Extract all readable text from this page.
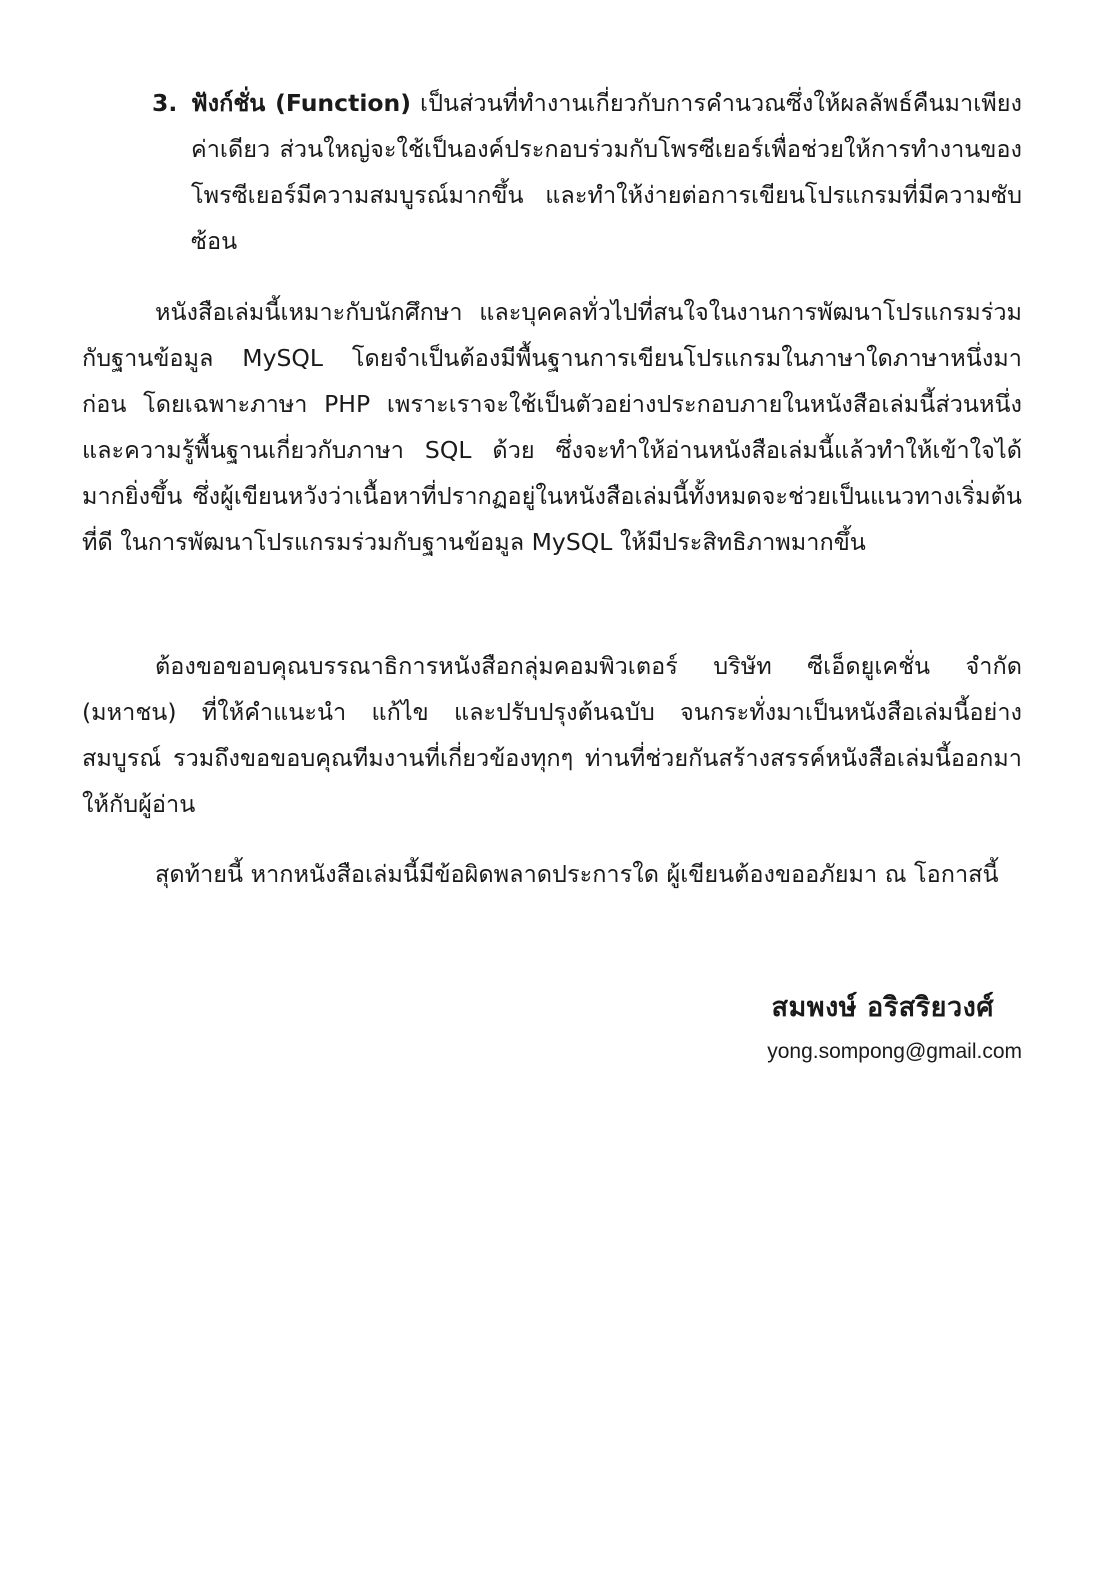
3. ฟังก์ชั่น (Function) เป็นส่วนที่ทำงานเกี่ยวกับการคำนวณซึ่งให้ผลลัพธ์คืนมาเพียงค่าเดียว ส่วนใหญ่จะใช้เป็นองค์ประกอบร่วมกับโพรซีเยอร์เพื่อช่วยให้การทำงานของโพรซีเยอร์มีความสมบูรณ์มากขึ้น และทำให้ง่ายต่อการเขียนโปรแกรมที่มีความซับซ้อน

หนังสือเล่มนี้เหมาะกับนักศึกษา และบุคคลทั่วไปที่สนใจในงานการพัฒนาโปรแกรมร่วมกับฐานข้อมูล MySQL โดยจำเป็นต้องมีพื้นฐานการเขียนโปรแกรมในภาษาใดภาษาหนึ่งมาก่อน โดยเฉพาะภาษา PHP เพราะเราจะใช้เป็นตัวอย่างประกอบภายในหนังสือเล่มนี้ส่วนหนึ่ง และความรู้พื้นฐานเกี่ยวกับภาษา SQL ด้วย ซึ่งจะทำให้อ่านหนังสือเล่มนี้แล้วทำให้เข้าใจได้มากยิ่งขึ้น ซึ่งผู้เขียนหวังว่าเนื้อหาที่ปรากฏอยู่ในหนังสือเล่มนี้ทั้งหมดจะช่วยเป็นแนวทางเริ่มต้นที่ดี ในการพัฒนาโปรแกรมร่วมกับฐานข้อมูล MySQL ให้มีประสิทธิภาพมากขึ้น

ต้องขอขอบคุณบรรณาธิการหนังสือกลุ่มคอมพิวเตอร์ บริษัท ซีเอ็ดยูเคชั่น จำกัด (มหาชน) ที่ให้คำแนะนำ แก้ไข และปรับปรุงต้นฉบับ จนกระทั่งมาเป็นหนังสือเล่มนี้อย่างสมบูรณ์ รวมถึงขอขอบคุณทีมงานที่เกี่ยวข้องทุกๆ ท่านที่ช่วยกันสร้างสรรค์หนังสือเล่มนี้ออกมาให้กับผู้อ่าน

สุดท้ายนี้ หากหนังสือเล่มนี้มีข้อผิดพลาดประการใด ผู้เขียนต้องขออภัยมา ณ โอกาสนี้

สมพงษ์ อริสริยวงศ์
yong.sompong@gmail.com
